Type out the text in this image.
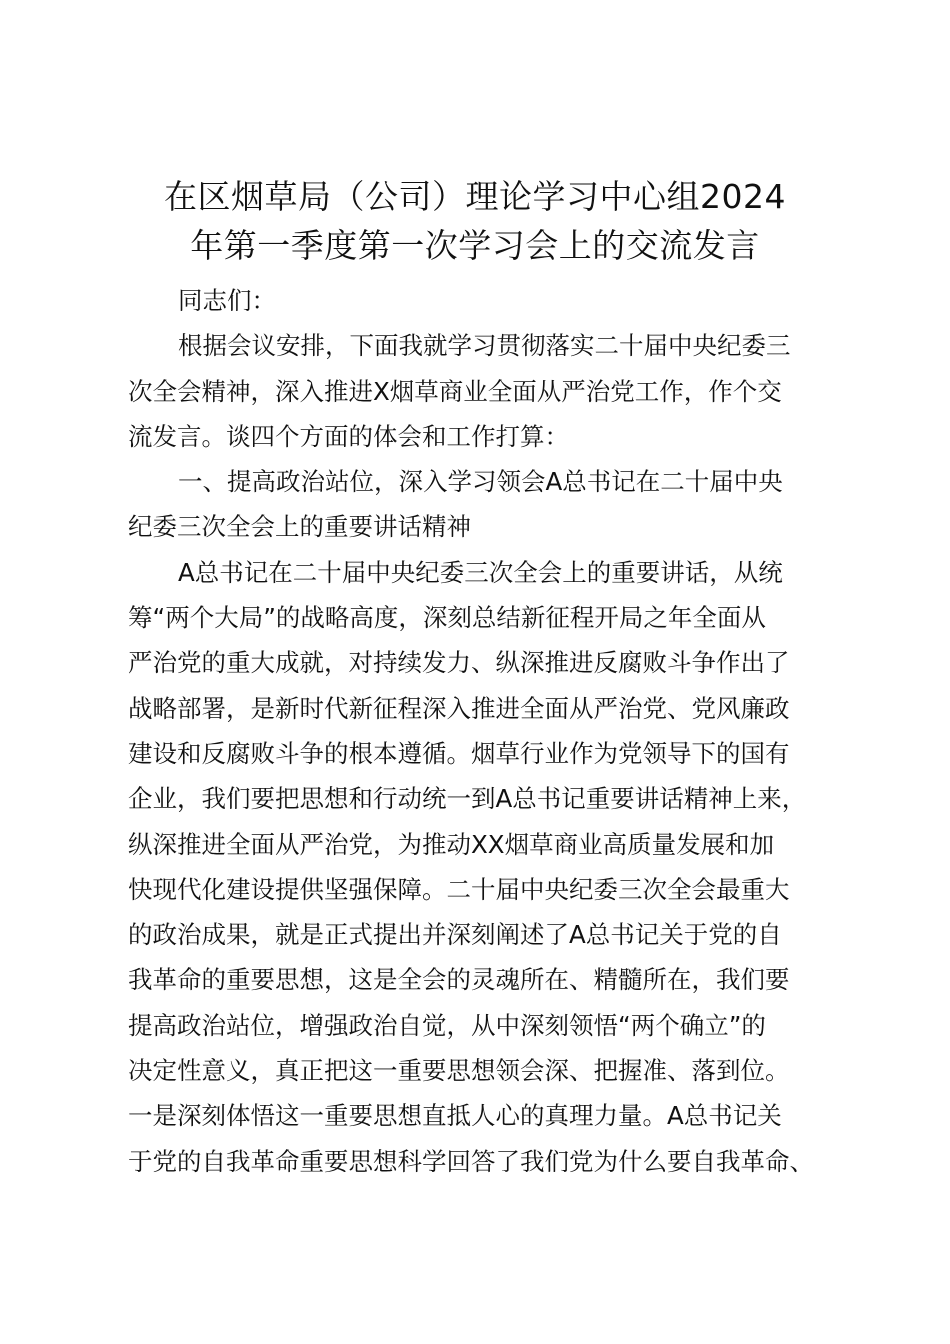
在区烟草局（公司）理论学习中心组2024
年第一季度第一次学习会上的交流发言
同志们：
根据会议安排，下面我就学习贯彻落实二十届中央纪委三
次全会精神，深入推进X烟草商业全面从严治党工作，作个交
流发言。谈四个方面的体会和工作打算：
一、提高政治站位，深入学习领会A总书记在二十届中央
纪委三次全会上的重要讲话精神
A总书记在二十届中央纪委三次全会上的重要讲话，从统
筹“两个大局”的战略高度，深刻总结新征程开局之年全面从
严治党的重大成就，对持续发力、纵深推进反腐败斗争作出了
战略部署，是新时代新征程深入推进全面从严治党、党风廉政
建设和反腐败斗争的根本遵循。烟草行业作为党领导下的国有
企业，我们要把思想和行动统一到A总书记重要讲话精神上来，
纵深推进全面从严治党，为推动XX烟草商业高质量发展和加
快现代化建设提供坚强保障。二十届中央纪委三次全会最重大
的政治成果，就是正式提出并深刻阐述了A总书记关于党的自
我革命的重要思想，这是全会的灵魂所在、精髓所在，我们要
提高政治站位，增强政治自觉，从中深刻领悟“两个确立”的
决定性意义，真正把这一重要思想领会深、把握准、落到位。
一是深刻体悟这一重要思想直抵人心的真理力量。A总书记关
于党的自我革命重要思想科学回答了我们党为什么要自我革命、
